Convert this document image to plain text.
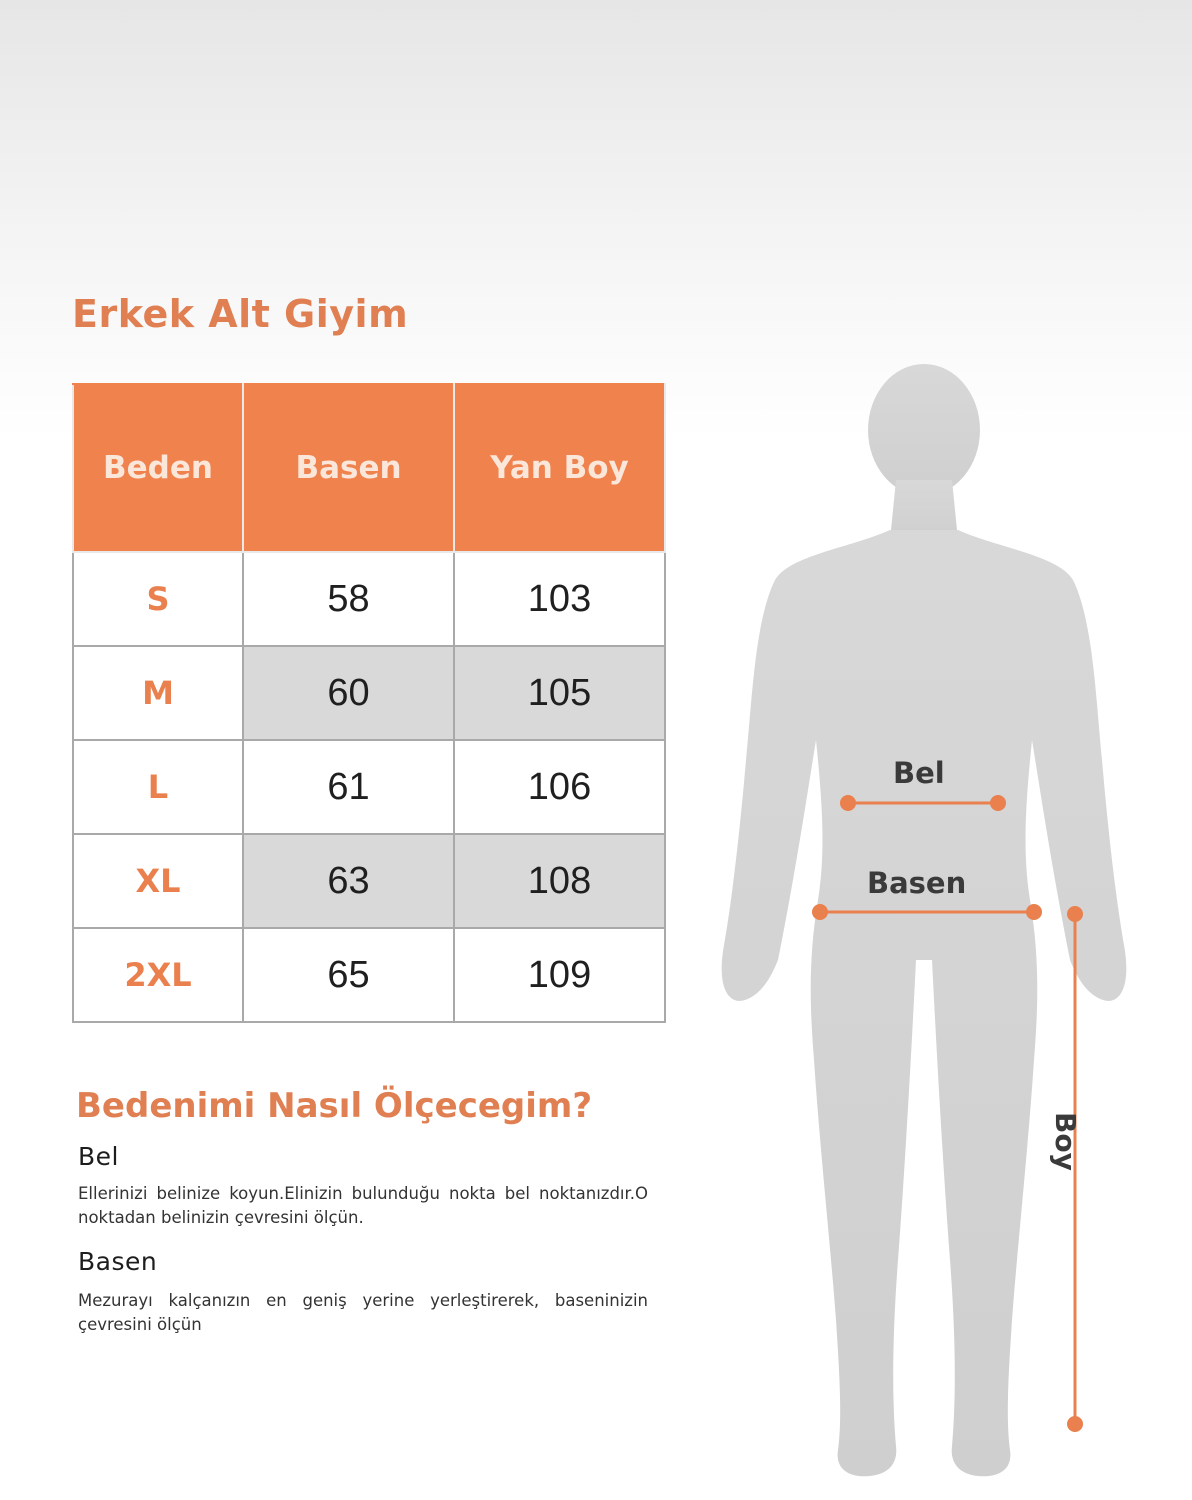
Erkek Alt Giyim
Beden	Basen	Yan Boy
S	58	103
M	60	105
L	61	106
XL	63	108
2XL	65	109
Bedenimi Nasıl Ölçecegim?
Bel
Ellerinizi belinize koyun.Elinizin bulunduğu nokta bel noktanızdır.O noktadan belinizin çevresini ölçün.
Basen
Mezurayı kalçanızın en geniş yerine yerleştirerek, baseninizin çevresini ölçün
Bel
Basen
Boy
